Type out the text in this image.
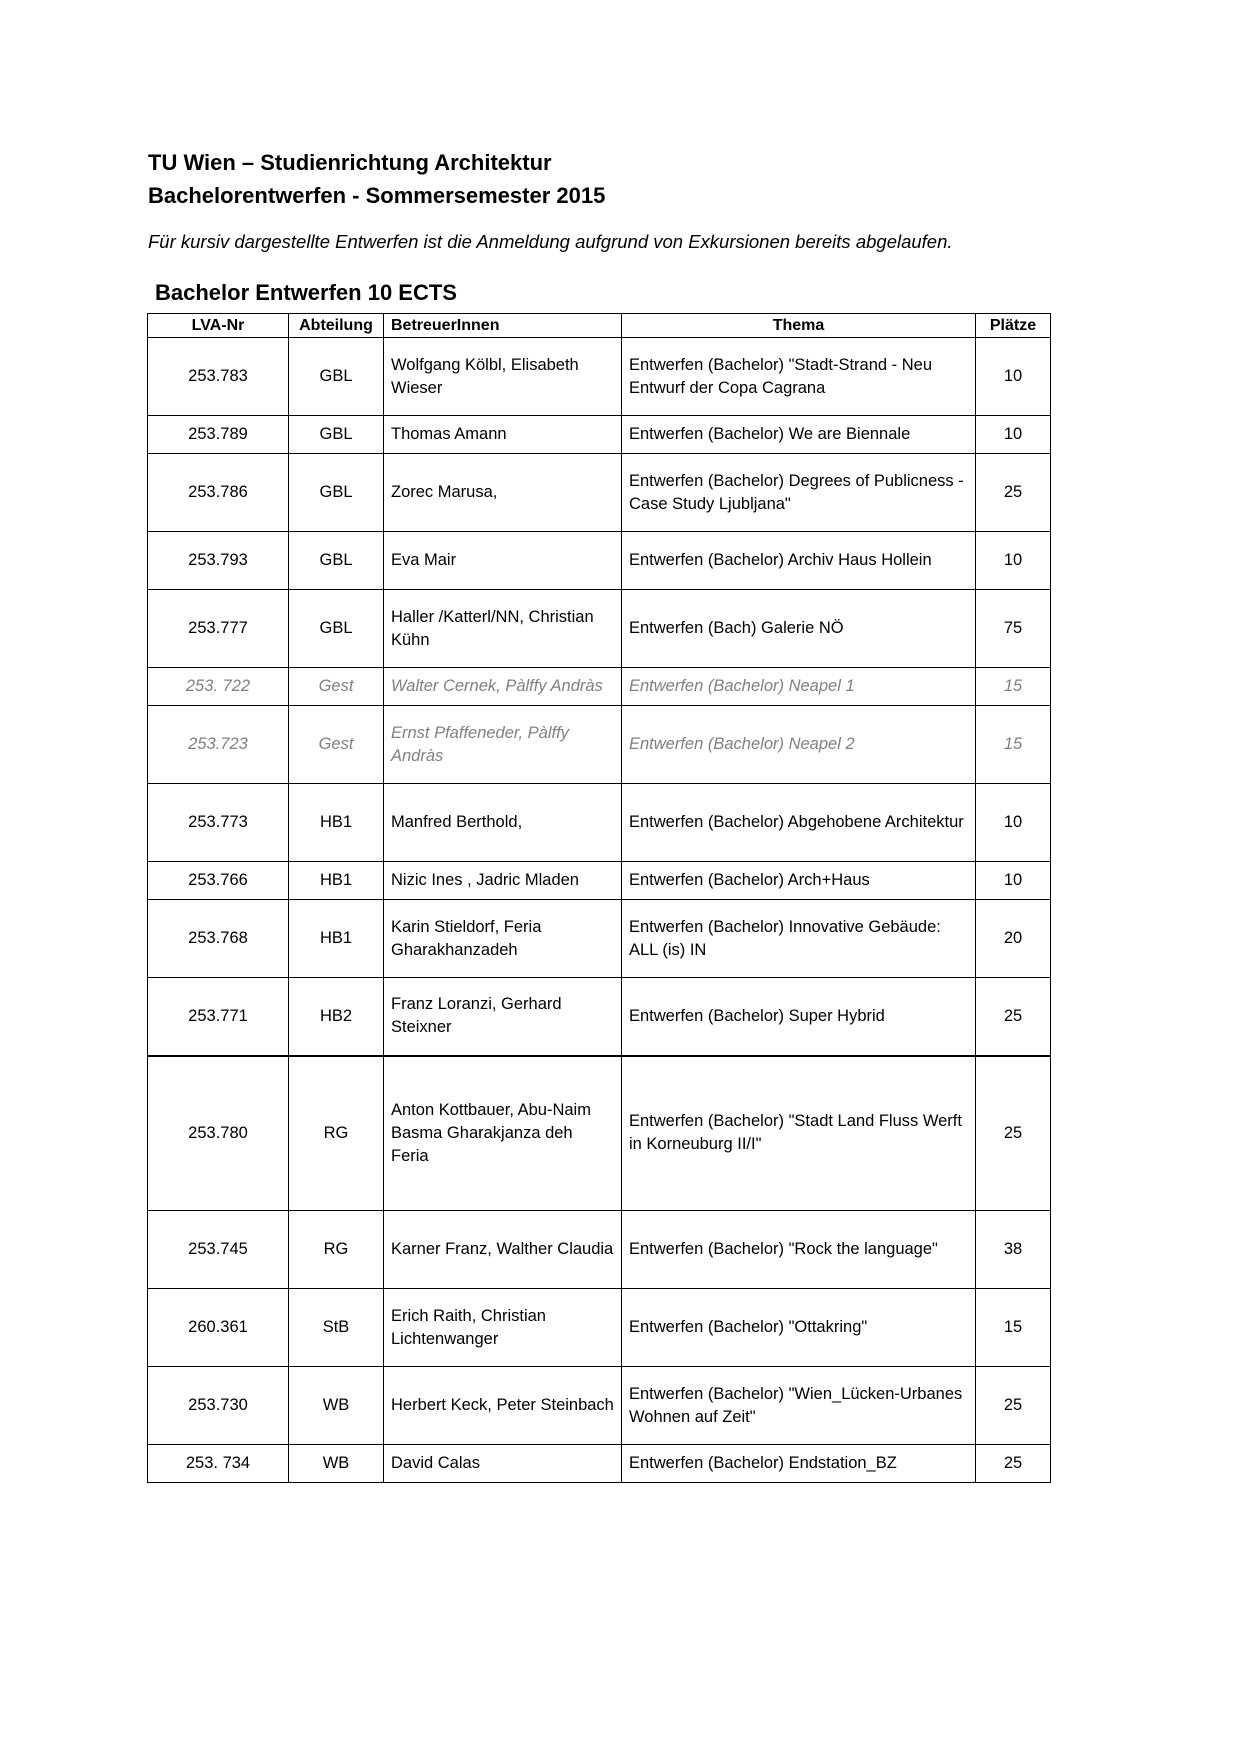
TU Wien – Studienrichtung Architektur
Bachelorentwerfen - Sommersemester 2015

Für kursiv dargestellte Entwerfen ist die Anmeldung aufgrund von Exkursionen bereits abgelaufen.

Bachelor Entwerfen 10 ECTS
LVA-Nr	Abteilung	BetreuerInnen	Thema	Plätze
253.783	GBL	Wolfgang Kölbl, Elisabeth Wieser	Entwerfen (Bachelor) "Stadt-Strand - Neu Entwurf der Copa Cagrana	10
253.789	GBL	Thomas Amann	Entwerfen (Bachelor) We are Biennale	10
253.786	GBL	Zorec Marusa,	Entwerfen (Bachelor) Degrees of Publicness - Case Study Ljubljana"	25
253.793	GBL	Eva Mair	Entwerfen (Bachelor) Archiv Haus Hollein	10
253.777	GBL	Haller /Katterl/NN, Christian Kühn	Entwerfen (Bach) Galerie NÖ	75
253. 722	Gest	Walter Cernek, Pàlffy Andràs	Entwerfen (Bachelor) Neapel 1	15
253.723	Gest	Ernst Pfaffeneder, Pàlffy Andràs	Entwerfen (Bachelor) Neapel 2	15
253.773	HB1	Manfred Berthold,	Entwerfen (Bachelor) Abgehobene Architektur	10
253.766	HB1	Nizic Ines , Jadric Mladen	Entwerfen (Bachelor) Arch+Haus	10
253.768	HB1	Karin Stieldorf, Feria Gharakhanzadeh	Entwerfen (Bachelor) Innovative Gebäude: ALL (is) IN	20
253.771	HB2	Franz Loranzi, Gerhard Steixner	Entwerfen (Bachelor) Super Hybrid	25
253.780	RG	Anton Kottbauer, Abu-Naim Basma Gharakjanza deh Feria	Entwerfen (Bachelor) "Stadt Land Fluss Werft in Korneuburg II/I"	25
253.745	RG	Karner Franz, Walther Claudia	Entwerfen (Bachelor) "Rock the language"	38
260.361	StB	Erich Raith, Christian Lichtenwanger	Entwerfen (Bachelor) "Ottakring"	15
253.730	WB	Herbert Keck, Peter Steinbach	Entwerfen (Bachelor) "Wien_Lücken-Urbanes Wohnen auf Zeit"	25
253. 734	WB	David Calas	Entwerfen (Bachelor) Endstation_BZ	25
